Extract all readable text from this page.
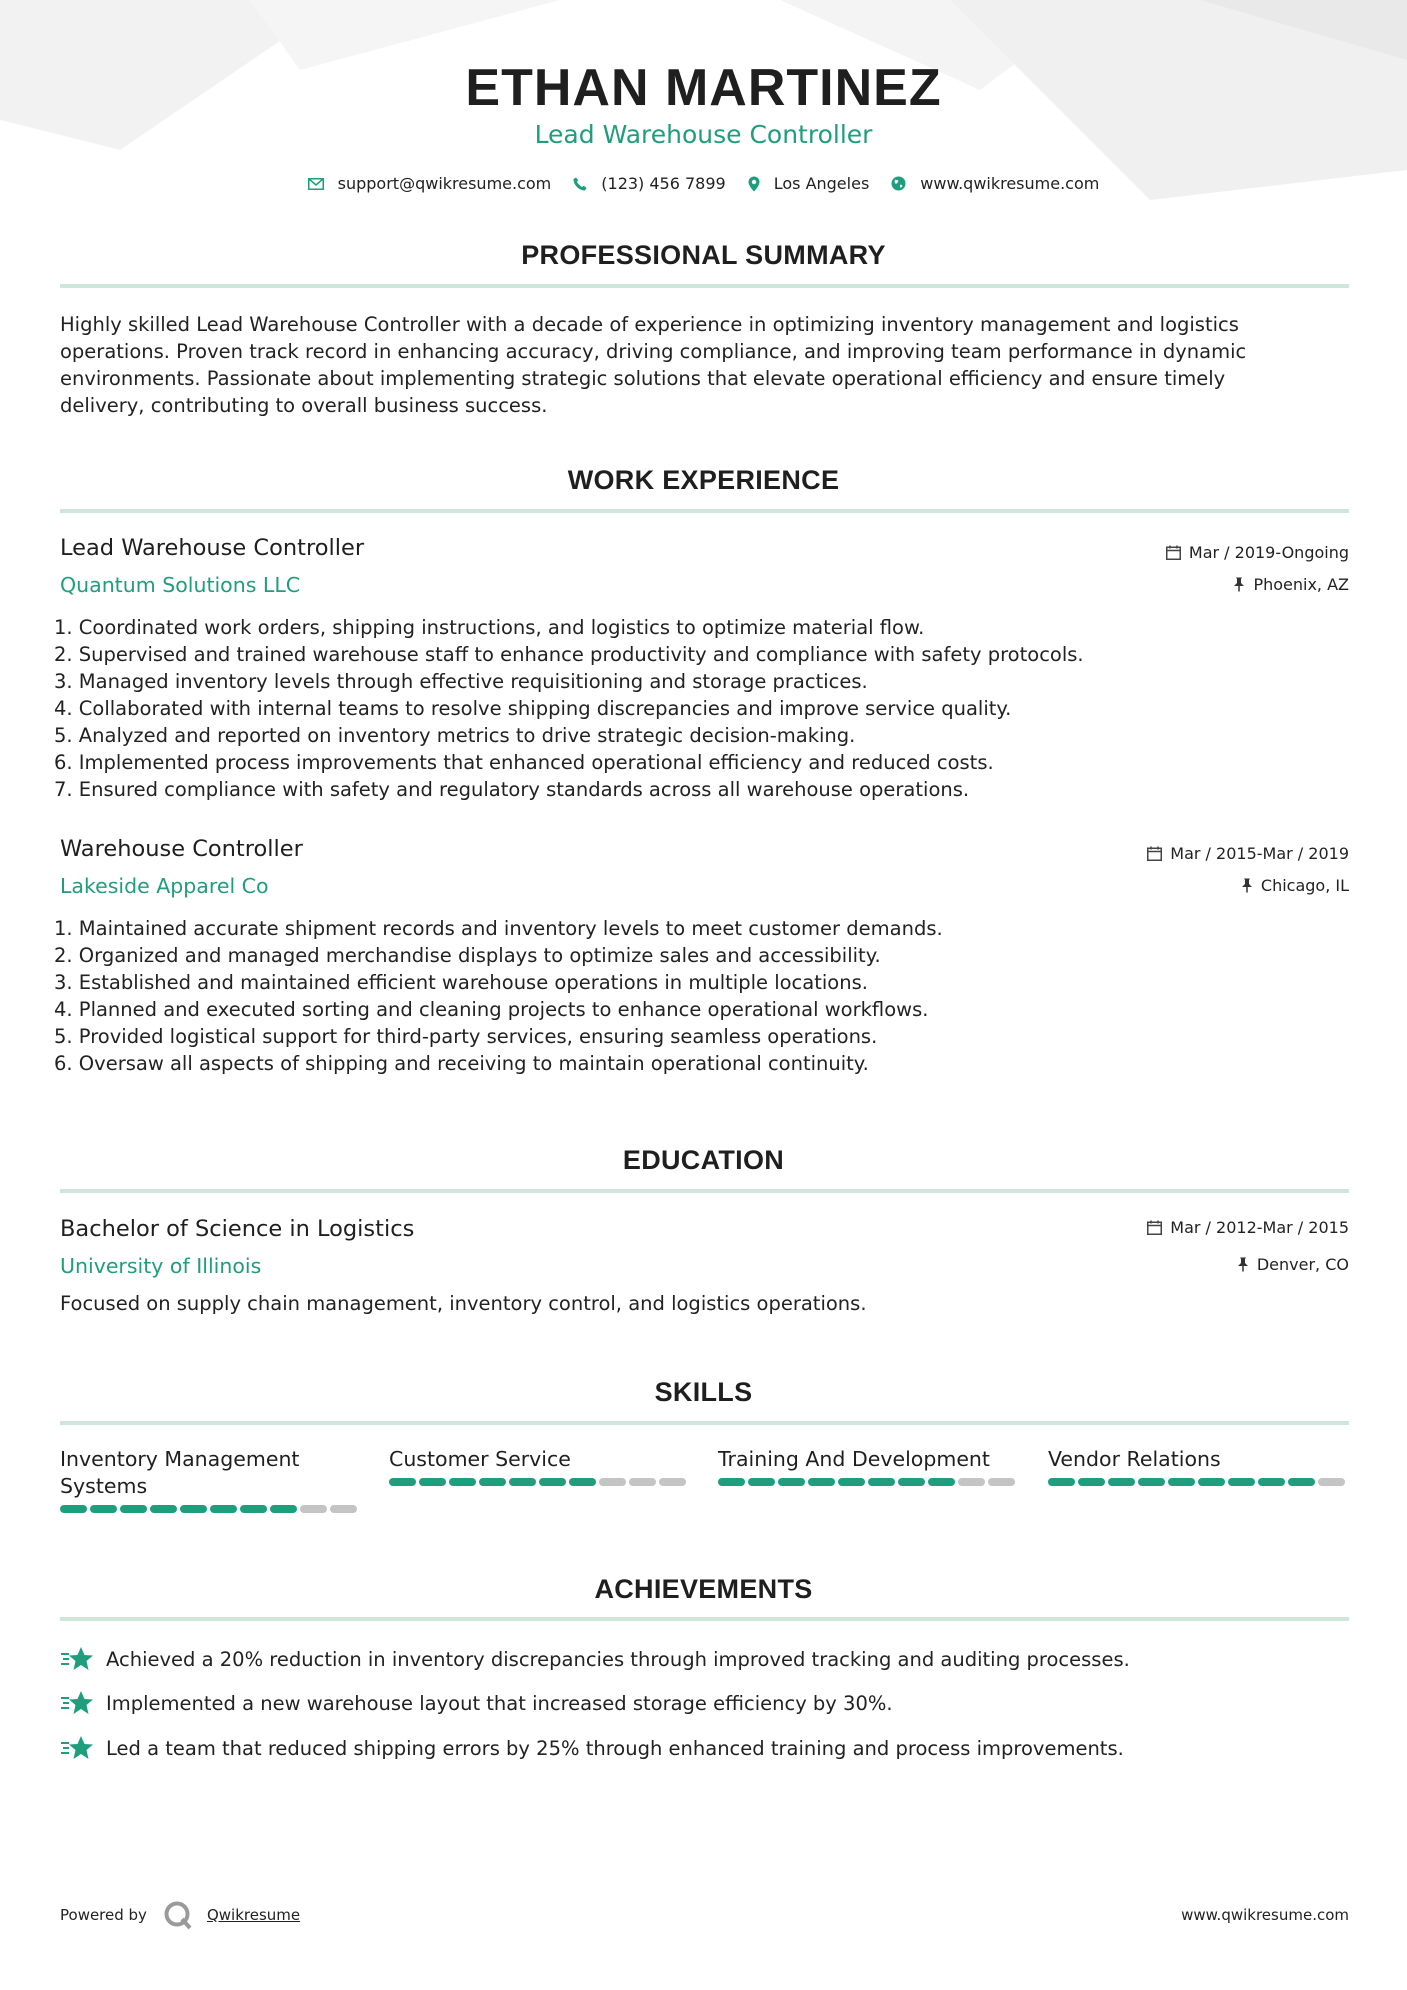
ETHAN MARTINEZ
Lead Warehouse Controller
support@qwikresume.com	(123) 456 7899	Los Angeles	www.qwikresume.com
PROFESSIONAL SUMMARY
Highly skilled Lead Warehouse Controller with a decade of experience in optimizing inventory management and logistics
operations. Proven track record in enhancing accuracy, driving compliance, and improving team performance in dynamic
environments. Passionate about implementing strategic solutions that elevate operational efficiency and ensure timely
delivery, contributing to overall business success.
WORK EXPERIENCE
Lead Warehouse Controller
Quantum Solutions LLC
Mar / 2019-Ongoing
Phoenix, AZ
1. Coordinated work orders, shipping instructions, and logistics to optimize material flow.
2. Supervised and trained warehouse staff to enhance productivity and compliance with safety protocols.
3. Managed inventory levels through effective requisitioning and storage practices.
4. Collaborated with internal teams to resolve shipping discrepancies and improve service quality.
5. Analyzed and reported on inventory metrics to drive strategic decision-making.
6. Implemented process improvements that enhanced operational efficiency and reduced costs.
7. Ensured compliance with safety and regulatory standards across all warehouse operations.
Warehouse Controller
Lakeside Apparel Co
Mar / 2015-Mar / 2019
Chicago, IL
1. Maintained accurate shipment records and inventory levels to meet customer demands.
2. Organized and managed merchandise displays to optimize sales and accessibility.
3. Established and maintained efficient warehouse operations in multiple locations.
4. Planned and executed sorting and cleaning projects to enhance operational workflows.
5. Provided logistical support for third-party services, ensuring seamless operations.
6. Oversaw all aspects of shipping and receiving to maintain operational continuity.
EDUCATION
Bachelor of Science in Logistics
University of Illinois
Mar / 2012-Mar / 2015
Denver, CO
Focused on supply chain management, inventory control, and logistics operations.
SKILLS
Inventory Management
Systems
Customer Service	Training And Development	Vendor Relations
ACHIEVEMENTS
Achieved a 20% reduction in inventory discrepancies through improved tracking and auditing processes.
Implemented a new warehouse layout that increased storage efficiency by 30%.
Led a team that reduced shipping errors by 25% through enhanced training and process improvements.
Powered by	Qwikresume	www.qwikresume.com
